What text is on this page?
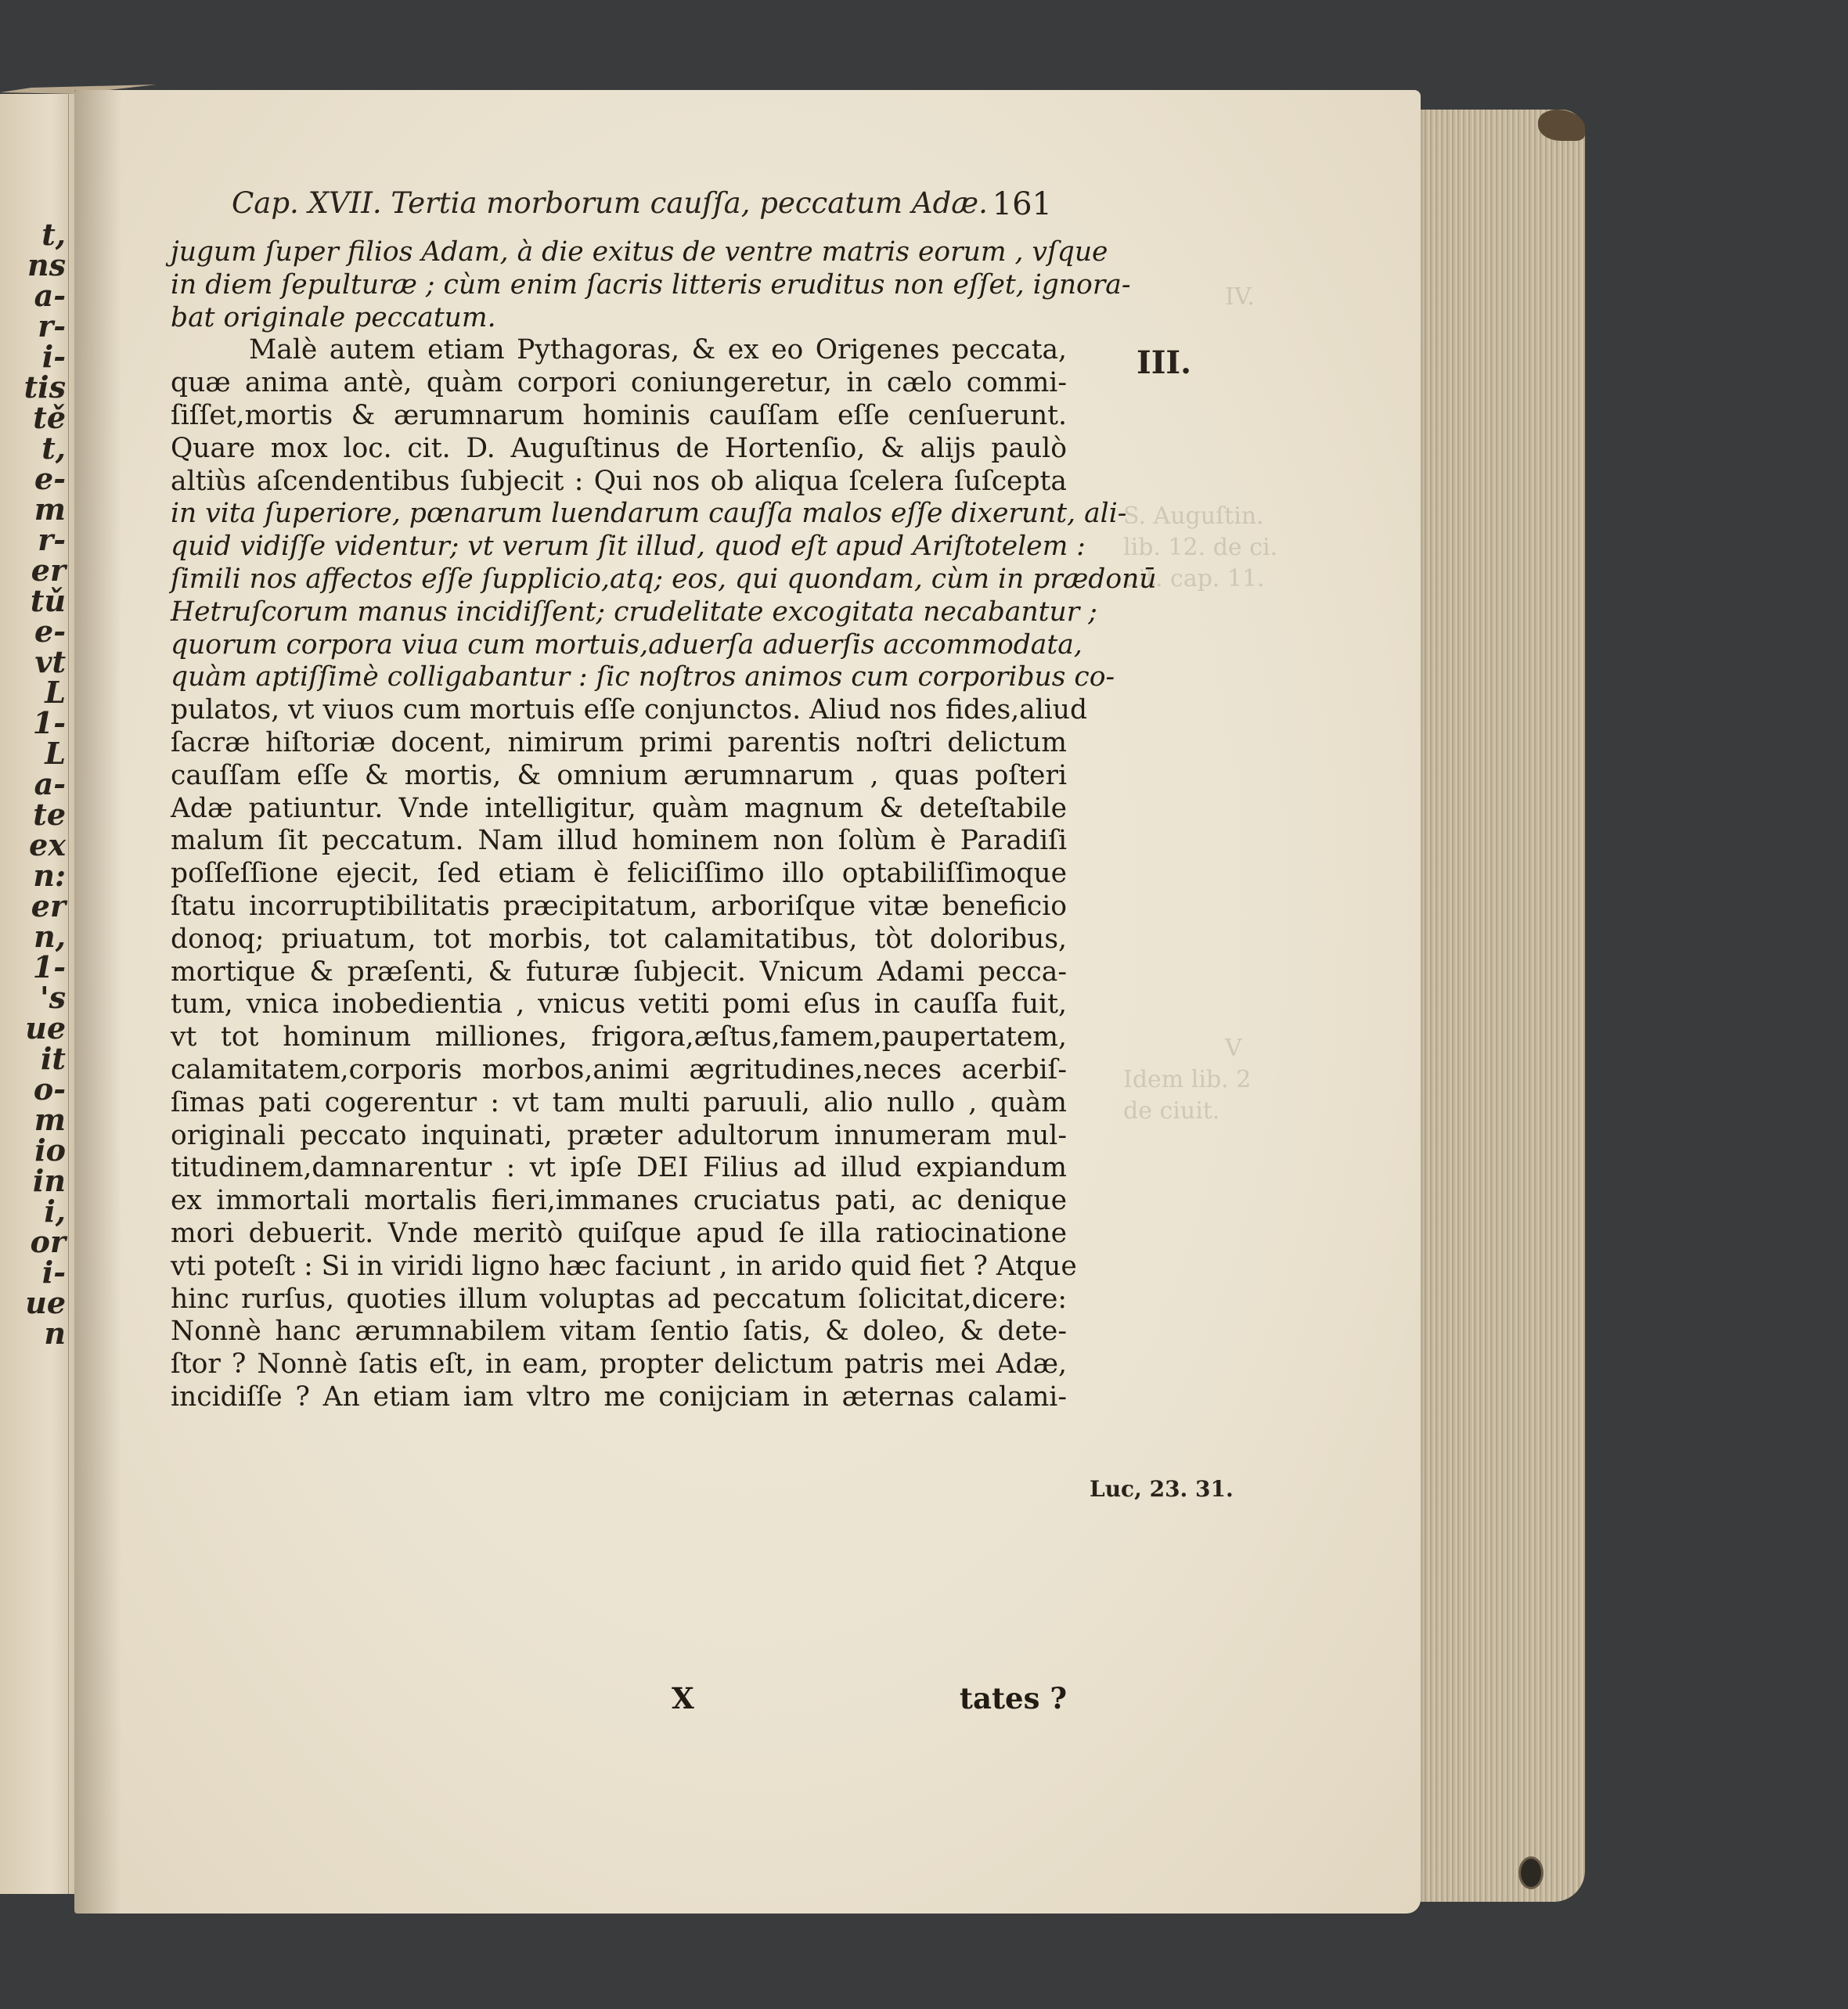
t,
ns
a-
r-
i-
tis
tě
t,
e-
m
r-
er
tǔ
e-
vt
L
1-
L
a-
te
ex
n:
er
n,
1-
's
ue
it
o-
m
io
in
i,
or
i-
ue
n
IV.
S. Auguſtin.
lib. 12. de ci.
uit. cap. 11.
V
Idem lib. 2
de ciuit.
Cap. XVII. Tertia morborum cauſſa, peccatum Adæ. 161
jugum ſuper filios Adam, à die exitus de ventre matris eorum , vſque
in diem ſepulturæ ; cùm enim ſacris litteris eruditus non eſſet, ignora-
bat originale peccatum.
Malè autem etiam Pythagoras, & ex eo Origenes peccata,
quæ anima antè, quàm corpori coniungeretur, in cælo commi-
ſiſſet,mortis & ærumnarum hominis cauſſam eſſe cenſuerunt.
Quare mox loc. cit. D. Auguſtinus de Hortenſio, & alijs paulò
altiùs aſcendentibus ſubjecit : Qui nos ob aliqua ſcelera ſuſcepta
in vita ſuperiore, pœnarum luendarum cauſſa malos eſſe dixerunt, ali-
quid vidiſſe videntur; vt verum ſit illud, quod eſt apud Ariſtotelem :
ſimili nos affectos eſſe ſupplicio,atq; eos, qui quondam, cùm in prædonū
Hetruſcorum manus incidiſſent; crudelitate excogitata necabantur ;
quorum corpora viua cum mortuis,aduerſa aduerſis accommodata,
quàm aptiſſimè colligabantur : ſic noſtros animos cum corporibus co-
pulatos, vt viuos cum mortuis eſſe conjunctos. Aliud nos fides,aliud
ſacræ hiſtoriæ docent, nimirum primi parentis noſtri delictum
cauſſam eſſe & mortis, & omnium ærumnarum , quas poſteri
Adæ patiuntur. Vnde intelligitur, quàm magnum & deteſtabile
malum ſit peccatum. Nam illud hominem non ſolùm è Paradiſi
poſſeſſione ejecit, ſed etiam è feliciſſimo illo optabiliſſimoque
ſtatu incorruptibilitatis præcipitatum, arboriſque vitæ beneficio
donoq; priuatum, tot morbis, tot calamitatibus, tòt doloribus,
mortique & præſenti, & futuræ ſubjecit. Vnicum Adami pecca-
tum, vnica inobedientia , vnicus vetiti pomi eſus in cauſſa fuit,
vt tot hominum milliones, frigora,æſtus,famem,paupertatem,
calamitatem,corporis morbos,animi ægritudines,neces acerbiſ-
ſimas pati cogerentur : vt tam multi paruuli, alio nullo , quàm
originali peccato inquinati, præter adultorum innumeram mul-
titudinem,damnarentur : vt ipſe DEI Filius ad illud expiandum
ex immortali mortalis fieri,immanes cruciatus pati, ac denique
mori debuerit. Vnde meritò quiſque apud ſe illa ratiocinatione
vti poteſt : Si in viridi ligno hæc faciunt , in arido quid fiet ? Atque
hinc rurſus, quoties illum voluptas ad peccatum ſolicitat,dicere:
Nonnè hanc ærumnabilem vitam ſentio ſatis, & doleo, & dete-
ſtor ? Nonnè ſatis eſt, in eam, propter delictum patris mei Adæ,
incidiſſe ? An etiam iam vltro me conijciam in æternas calami-
III.
Luc, 23. 31.
X	tates ?
